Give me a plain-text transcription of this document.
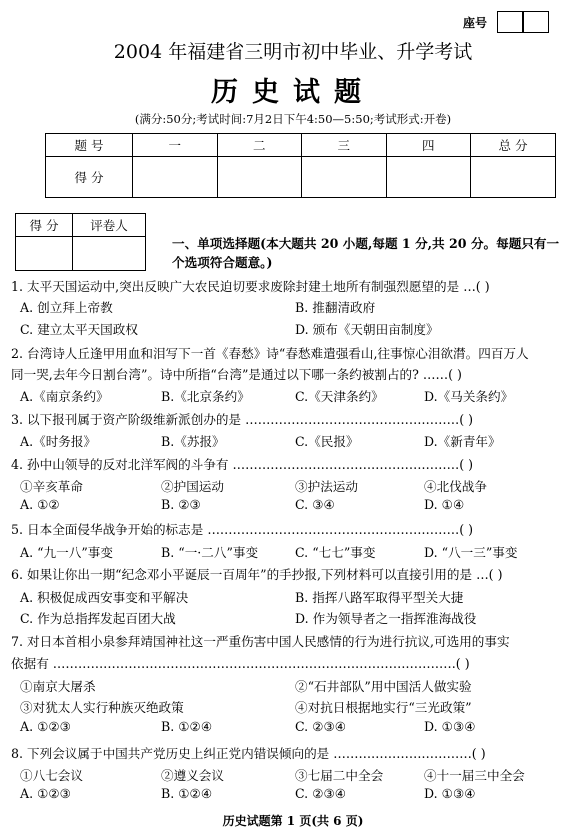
座号
2004 年福建省三明市初中毕业、升学考试
历史试题
(满分:50分;考试时间:7月2日下午4:50—5:50;考试形式:开卷)
题 号	一	二	三	四	总 分
得 分					
得 分	评卷人

一、单项选择题(本大题共 20 小题,每题 1 分,共 20 分。每题只有一
个选项符合题意。)
1. 太平天国运动中,突出反映广大农民迫切要求废除封建土地所有制强烈愿望的是 …( )
A. 创立拜上帝教	B. 推翻清政府
C. 建立太平天国政权	D. 颁布《天朝田亩制度》
2. 台湾诗人丘逢甲用血和泪写下一首《春愁》诗“春愁难遣强看山,往事惊心泪欲潸。四百万人
同一哭,去年今日割台湾”。诗中所指“台湾”是通过以下哪一条约被割占的? ……( )
A.《南京条约》	B.《北京条约》	C.《天津条约》	D.《马关条约》
3. 以下报刊属于资产阶级维新派创办的是 ……………………………………………( )
A.《时务报》	B.《苏报》	C.《民报》	D.《新青年》
4. 孙中山领导的反对北洋军阀的斗争有 ………………………………………………( )
①辛亥革命	②护国运动	③护法运动	④北伐战争
A. ①②	B. ②③	C. ③④	D. ①④
5. 日本全面侵华战争开始的标志是 ……………………………………………………( )
A. “九一八”事变	B. “一·二八”事变	C. “七七”事变	D. “八一三”事变
6. 如果让你出一期“纪念邓小平诞辰一百周年”的手抄报,下列材料可以直接引用的是 …( )
A. 积极促成西安事变和平解决	B. 指挥八路军取得平型关大捷
C. 作为总指挥发起百团大战	D. 作为领导者之一指挥淮海战役
7. 对日本首相小泉参拜靖国神社这一严重伤害中国人民感情的行为进行抗议,可选用的事实
依据有 ……………………………………………………………………………………( )
①南京大屠杀	②“石井部队”用中国活人做实验
③对犹太人实行种族灭绝政策	④对抗日根据地实行“三光政策”
A. ①②③	B. ①②④	C. ②③④	D. ①③④
8. 下列会议属于中国共产党历史上纠正党内错误倾向的是 ……………………………( )
①八七会议	②遵义会议	③七届二中全会	④十一届三中全会
A. ①②③	B. ①②④	C. ②③④	D. ①③④
历史试题第 1 页(共 6 页)
